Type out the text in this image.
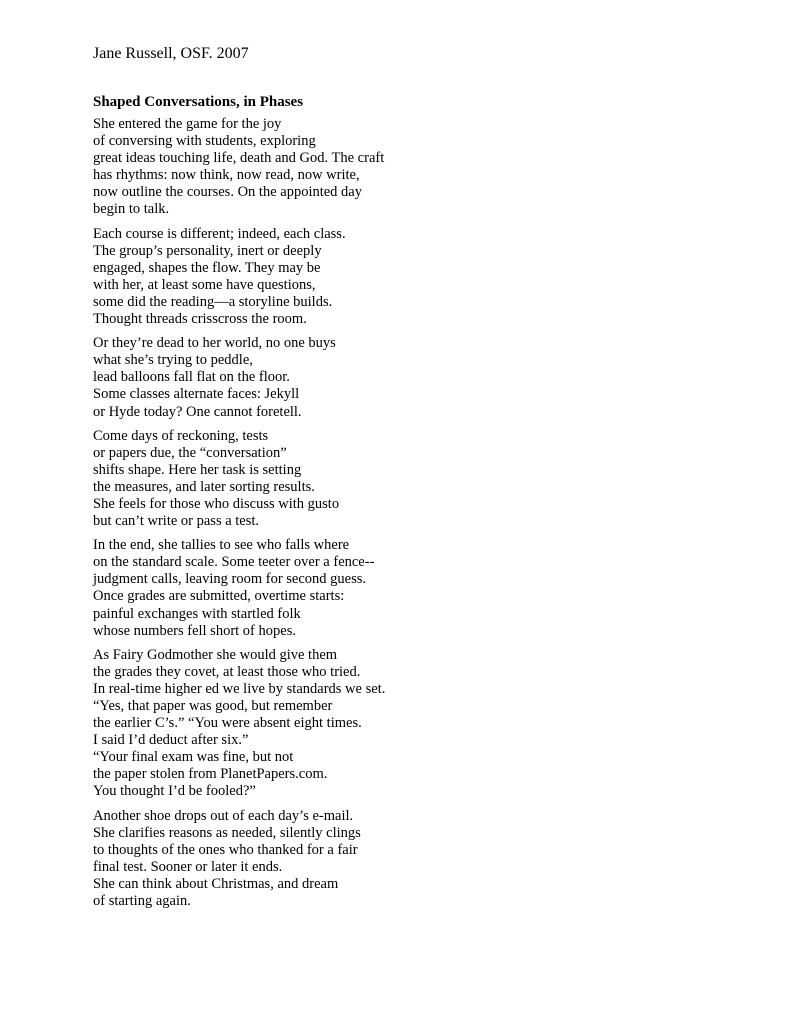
Jane Russell, OSF. 2007

Shaped Conversations, in Phases
She entered the game for the joy
of conversing with students, exploring
great ideas touching life, death and God. The craft
has rhythms: now think, now read, now write,
now outline the courses. On the appointed day
begin to talk.
Each course is different; indeed, each class.
The group’s personality, inert or deeply
engaged, shapes the flow. They may be
with her, at least some have questions,
some did the reading—a storyline builds.
Thought threads crisscross the room.
Or they’re dead to her world, no one buys
what she’s trying to peddle,
lead balloons fall flat on the floor.
Some classes alternate faces: Jekyll
or Hyde today? One cannot foretell.
Come days of reckoning, tests
or papers due, the “conversation”
shifts shape. Here her task is setting
the measures, and later sorting results.
She feels for those who discuss with gusto
but can’t write or pass a test.
In the end, she tallies to see who falls where
on the standard scale. Some teeter over a fence--
judgment calls, leaving room for second guess.
Once grades are submitted, overtime starts:
painful exchanges with startled folk
whose numbers fell short of hopes.
As Fairy Godmother she would give them
the grades they covet, at least those who tried.
In real-time higher ed we live by standards we set.
“Yes, that paper was good, but remember
the earlier C’s.” “You were absent eight times.
I said I’d deduct after six.”
“Your final exam was fine, but not
the paper stolen from PlanetPapers.com.
You thought I’d be fooled?”
Another shoe drops out of each day’s e-mail.
She clarifies reasons as needed, silently clings
to thoughts of the ones who thanked for a fair
final test. Sooner or later it ends.
She can think about Christmas, and dream
of starting again.
